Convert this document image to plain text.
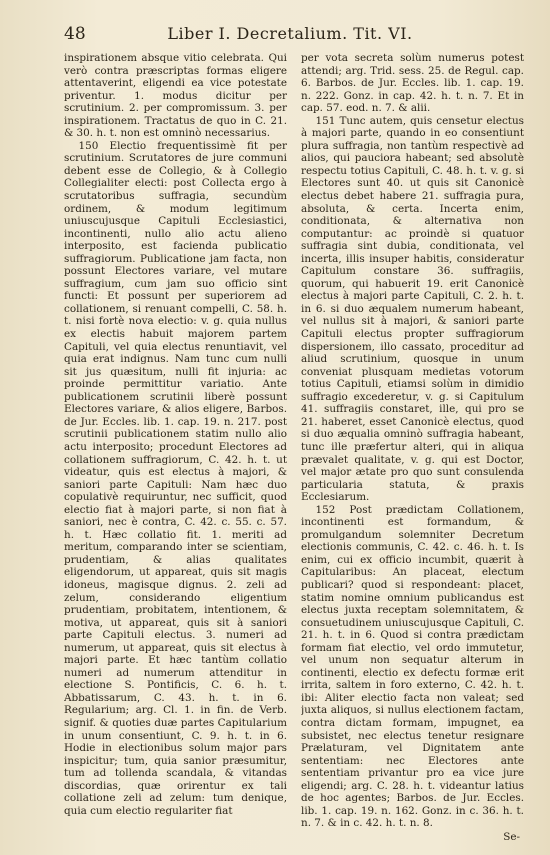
48	Liber I. Decretalium. Tit. VI.

inspirationem absque vitio celebrata. Qui verò contra præscriptas formas eligere attentaverint, eligendi ea vice potestate priventur. 1. modus dicitur per scrutinium. 2. per compromissum. 3. per inspirationem. Tractatus de quo in C. 21. & 30. h. t. non est omninò necessarius.

150 Electio frequentissimè fit per scrutinium. Scrutatores de jure communi debent esse de Collegio, & à Collegio Collegialiter electi: post Collecta ergo à scrutatoribus suffragia, secundùm ordinem, & modum legitimum uniuscujusque Capituli Ecclesiastici, incontinenti, nullo alio actu alieno interposito, est facienda publicatio suffragiorum. Publicatione jam facta, non possunt Electores variare, vel mutare suffragium, cum jam suo officio sint functi: Et possunt per superiorem ad collationem, si renuant compelli, C. 58. h. t. nisi fortè nova electio: v. g. quia nullus ex electis habuit majorem partem Capituli, vel quia electus renuntiavit, vel quia erat indignus. Nam tunc cum nulli sit jus quæsitum, nulli fit injuria: ac proinde permittitur variatio. Ante publicationem scrutinii liberè possunt Electores variare, & alios eligere, Barbos. de Jur. Eccles. lib. 1. cap. 19. n. 217. post scrutinii publicationem statim nullo alio actu interposito; procedunt Electores ad collationem suffragiorum, C. 42. h. t. ut videatur, quis est electus à majori, & saniori parte Capituli: Nam hæc duo copulativè requiruntur, nec sufficit, quod electio fiat à majori parte, si non fiat à saniori, nec è contra, C. 42. c. 55. c. 57. h. t. Hæc collatio fit. 1. meriti ad meritum, comparando inter se scientiam, prudentiam, & alias qualitates eligendorum, ut appareat, quis sit magis idoneus, magisque dignus. 2. zeli ad zelum, considerando eligentium prudentiam, probitatem, intentionem, & motiva, ut appareat, quis sit à saniori parte Capituli electus. 3. numeri ad numerum, ut appareat, quis sit electus à majori parte. Et hæc tantùm collatio numeri ad numerum attenditur in electione S. Pontificis, C. 6. h. t. Abbatissarum, C. 43. h. t. in 6. Regularium; arg. Cl. 1. in fin. de Verb. signif. & quoties duæ partes Capitularium in unum consentiunt, C. 9. h. t. in 6. Hodie in electionibus solum major pars inspicitur; tum, quia sanior præsumitur, tum ad tollenda scandala, & vitandas discordias, quæ orirentur ex tali collatione zeli ad zelum: tum denique, quia cum electio regulariter fiat

per vota secreta solùm numerus potest attendi; arg. Trid. sess. 25. de Regul. cap. 6. Barbos. de Jur. Eccles. lib. 1. cap. 19. n. 222. Gonz. in cap. 42. h. t. n. 7. Et in cap. 57. eod. n. 7. & alii.

151 Tunc autem, quis censetur electus à majori parte, quando in eo consentiunt plura suffragia, non tantùm respectivè ad alios, qui pauciora habeant; sed absolutè respectu totius Capituli, C. 48. h. t. v. g. si Electores sunt 40. ut quis sit Canonicè electus debet habere 21. suffragia pura, absoluta, & certa. Incerta enim, conditionata, & alternativa non computantur: ac proindè si quatuor suffragia sint dubia, conditionata, vel incerta, illis insuper habitis, consideratur Capitulum constare 36. suffragiis, quorum, qui habuerit 19. erit Canonicè electus à majori parte Capituli, C. 2. h. t. in 6. si duo æqualem numerum habeant, vel nullus sit à majori, & saniori parte Capituli electus propter suffragiorum dispersionem, illo cassato, proceditur ad aliud scrutinium, quosque in unum conveniat plusquam medietas votorum totius Capituli, etiamsi solùm in dimidio suffragio excederetur, v. g. si Capitulum 41. suffragiis constaret, ille, qui pro se 21. haberet, esset Canonicè electus, quod si duo æqualia omninò suffragia habeant, tunc ille præfertur alteri, qui in aliqua prævalet qualitate, v. g. qui est Doctor, vel major ætate pro quo sunt consulenda particularia statuta, & praxis Ecclesiarum.

152 Post prædictam Collationem, incontinenti est formandum, & promulgandum solemniter Decretum electionis communis, C. 42. c. 46. h. t. Is enim, cui ex officio incumbit, quærit à Capitularibus: An placeat, electum publicari? quod si respondeant: placet, statim nomine omnium publicandus est electus juxta receptam solemnitatem, & consuetudinem uniuscujusque Capituli, C. 21. h. t. in 6. Quod si contra prædictam formam fiat electio, vel ordo immutetur, vel unum non sequatur alterum in continenti, electio ex defectu formæ erit irrita, saltem in foro externo, C. 42. h. t. ibi: Aliter electio facta non valeat; sed juxta aliquos, si nullus electionem factam, contra dictam formam, impugnet, ea subsistet, nec electus tenetur resignare Prælaturam, vel Dignitatem ante sententiam: nec Electores ante sententiam privantur pro ea vice jure eligendi; arg. C. 28. h. t. videantur latius de hoc agentes; Barbos. de Jur. Eccles. lib. 1. cap. 19. n. 162. Gonz. in c. 36. h. t. n. 7. & in c. 42. h. t. n. 8.

Se-
